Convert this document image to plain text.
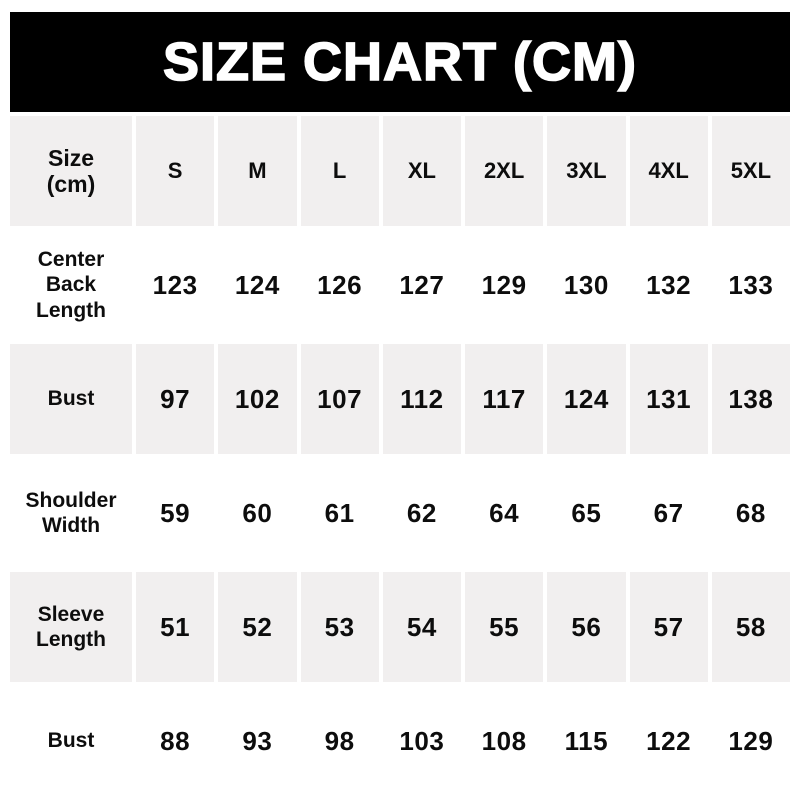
SIZE CHART (CM)
Size
(cm)	S	M	L	XL	2XL	3XL	4XL	5XL
Center Back Length	123	124	126	127	129	130	132	133
Bust	97	102	107	112	117	124	131	138
Shoulder Width	59	60	61	62	64	65	67	68
Sleeve Length	51	52	53	54	55	56	57	58
Bust	88	93	98	103	108	115	122	129
